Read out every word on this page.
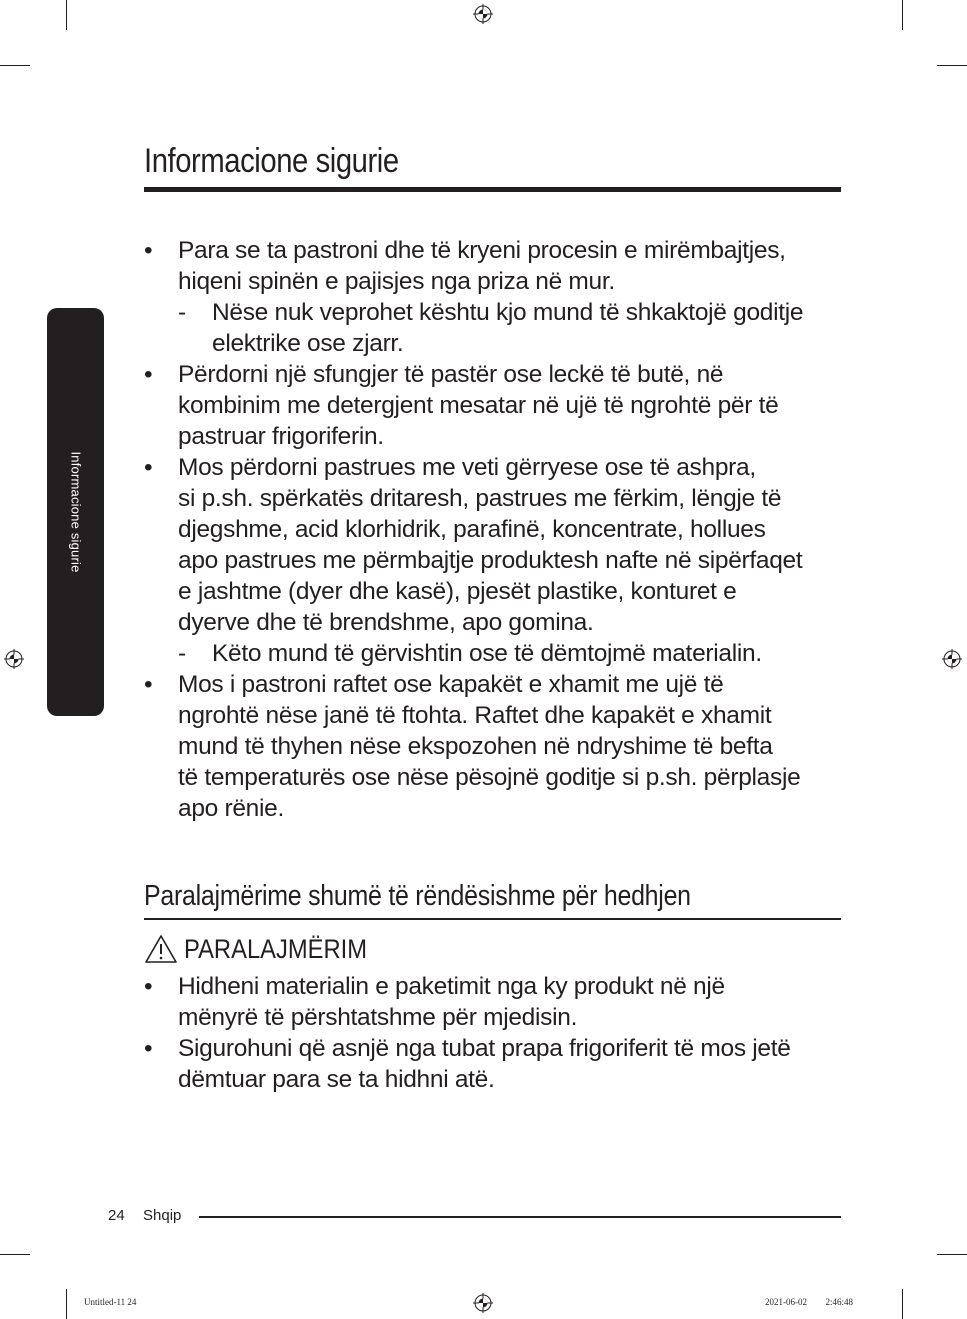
Informacione sigurie
Informacione sigurie
•	Para se ta pastroni dhe të kryeni procesin e mirëmbajtjes,
hiqeni spinën e pajisjes nga priza në mur.
- Nëse nuk veprohet kështu kjo mund të shkaktojë goditje
elektrike ose zjarr.
•	Përdorni një sfungjer të pastër ose leckë të butë, në
kombinim me detergjent mesatar në ujë të ngrohtë për të
pastruar frigoriferin.
•	Mos përdorni pastrues me veti gërryese ose të ashpra,
si p.sh. spërkatës dritaresh, pastrues me fërkim, lëngje të
djegshme, acid klorhidrik, parafinë, koncentrate, hollues
apo pastrues me përmbajtje produktesh nafte në sipërfaqet
e jashtme (dyer dhe kasë), pjesët plastike, konturet e
dyerve dhe të brendshme, apo gomina.
- Këto mund të gërvishtin ose të dëmtojmë materialin.
•	Mos i pastroni raftet ose kapakët e xhamit me ujë të
ngrohtë nëse janë të ftohta. Raftet dhe kapakët e xhamit
mund të thyhen nëse ekspozohen në ndryshime të befta
të temperaturës ose nëse pësojnë goditje si p.sh. përplasje
apo rënie.
Paralajmërime shumë të rëndësishme për hedhjen
PARALAJMËRIM
•	Hidheni materialin e paketimit nga ky produkt në një
mënyrë të përshtatshme për mjedisin.
•	Sigurohuni që asnjë nga tubat prapa frigoriferit të mos jetë
dëmtuar para se ta hidhni atë.
24 Shqip
Untitled-11 24	2021-06-02 ￿￿ 2:46:48
